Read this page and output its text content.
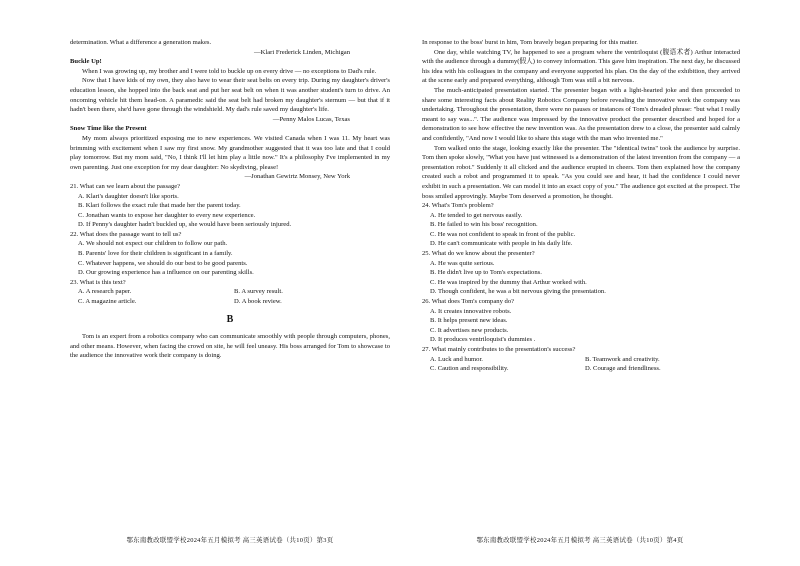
determination. What a difference a generation makes.

—Klari Frederick Linden, Michigan

Buckle Up!

When I was growing up, my brother and I were told to buckle up on every drive — no exceptions to Dad's rule.

Now that I have kids of my own, they also have to wear their seat belts on every trip. During my daughter's driver's education lesson, she hopped into the back seat and put her seat belt on when it was another student's turn to drive. An oncoming vehicle hit them head-on. A paramedic said the seat belt had broken my daughter's sternum — but that if it hadn't been there, she'd have gone through the windshield. My dad's rule saved my daughter's life.

—Penny Malos Lucas, Texas

Snow Time like the Present

My mom always prioritized exposing me to new experiences. We visited Canada when I was 11. My heart was brimming with excitement when I saw my first snow. My grandmother suggested that it was too late and that I could play tomorrow. But my mom said, "No, I think I'll let him play a little now." It's a philosophy I've implemented in my own parenting. Just one exception for my dear daughter: No skydiving, please!

—Jonathan Gewirtz Monsey, New York

21. What can we learn about the passage?

A. Klari's daughter doesn't like sports.

B. Klari follows the exact rule that made her the parent today.

C. Jonathan wants to expose her daughter to every new experience.

D. If Penny's daughter hadn't buckled up, she would have been seriously injured.

22. What does the passage want to tell us?

A. We should not expect our children to follow our path.

B. Parents' love for their children is significant in a family.

C. Whatever happens, we should do our best to be good parents.

D. Our growing experience has a influence on our parenting skills.

23. What is this text?

A. A research paper.	B. A survey result.
C. A magazine article.	D. A book review.
B

Tom is an expert from a robotics company who can communicate smoothly with people through computers, phones, and other means. However, when facing the crowd on site, he will feel uneasy. His boss arranged for Tom to showcase to the audience the innovative work their company is doing.

鄂东南教改联盟学校2024年五月模拟考 高三英语试卷（共10页）第3页

In response to the boss' burst in him, Tom bravely began preparing for this matter.

One day, while watching TV, he happened to see a program where the ventriloquist (腹语术者) Arthur interacted with the audience through a dummy(假人) to convey information. This gave him inspiration. The next day, he discussed his idea with his colleagues in the company and everyone supported his plan. On the day of the exhibition, they arrived at the scene early and prepared everything, although Tom was still a bit nervous.

The much-anticipated presentation started. The presenter began with a light-hearted joke and then proceeded to share some interesting facts about Reality Robotics Company before revealing the innovative work the company was undertaking. Throughout the presentation, there were no pauses or instances of Tom's dreaded phrase: "but what I really meant to say was...". The audience was impressed by the innovative product the presenter described and hoped for a demonstration to see how effective the new invention was. As the presentation drew to a close, the presenter said calmly and confidently, "And now I would like to share this stage with the man who invented me."

Tom walked onto the stage, looking exactly like the presenter. The "identical twins" took the audience by surprise. Tom then spoke slowly, "What you have just witnessed is a demonstration of the latest invention from the company — a presentation robot." Suddenly it all clicked and the audience erupted in cheers. Tom then explained how the company created such a robot and programmed it to speak. "As you could see and hear, it had the confidence I could never exhibit in such a presentation. We can model it into an exact copy of you." The audience got excited at the prospect. The boss smiled approvingly. Maybe Tom deserved a promotion, he thought.

24. What's Tom's problem?

A. He tended to get nervous easily.

B. He failed to win his boss' recognition.

C. He was not confident to speak in front of the public.

D. He can't communicate with people in his daily life.

25. What do we know about the presenter?

A. He was quite serious.

B. He didn't live up to Tom's expectations.

C. He was inspired by the dummy that Arthur worked with.

D. Though confident, he was a bit nervous giving the presentation.

26. What does Tom's company do?

A. It creates innovative robots.

B. It helps present new ideas.

C. It advertises new products.

D. It produces ventriloquist's dummies .

27. What mainly contributes to the presentation's success?

A. Luck and humor.	B. Teamwork and creativity.
C. Caution and responsibility.	D. Courage and friendliness.
鄂东南教改联盟学校2024年五月模拟考 高三英语试卷（共10页）第4页
